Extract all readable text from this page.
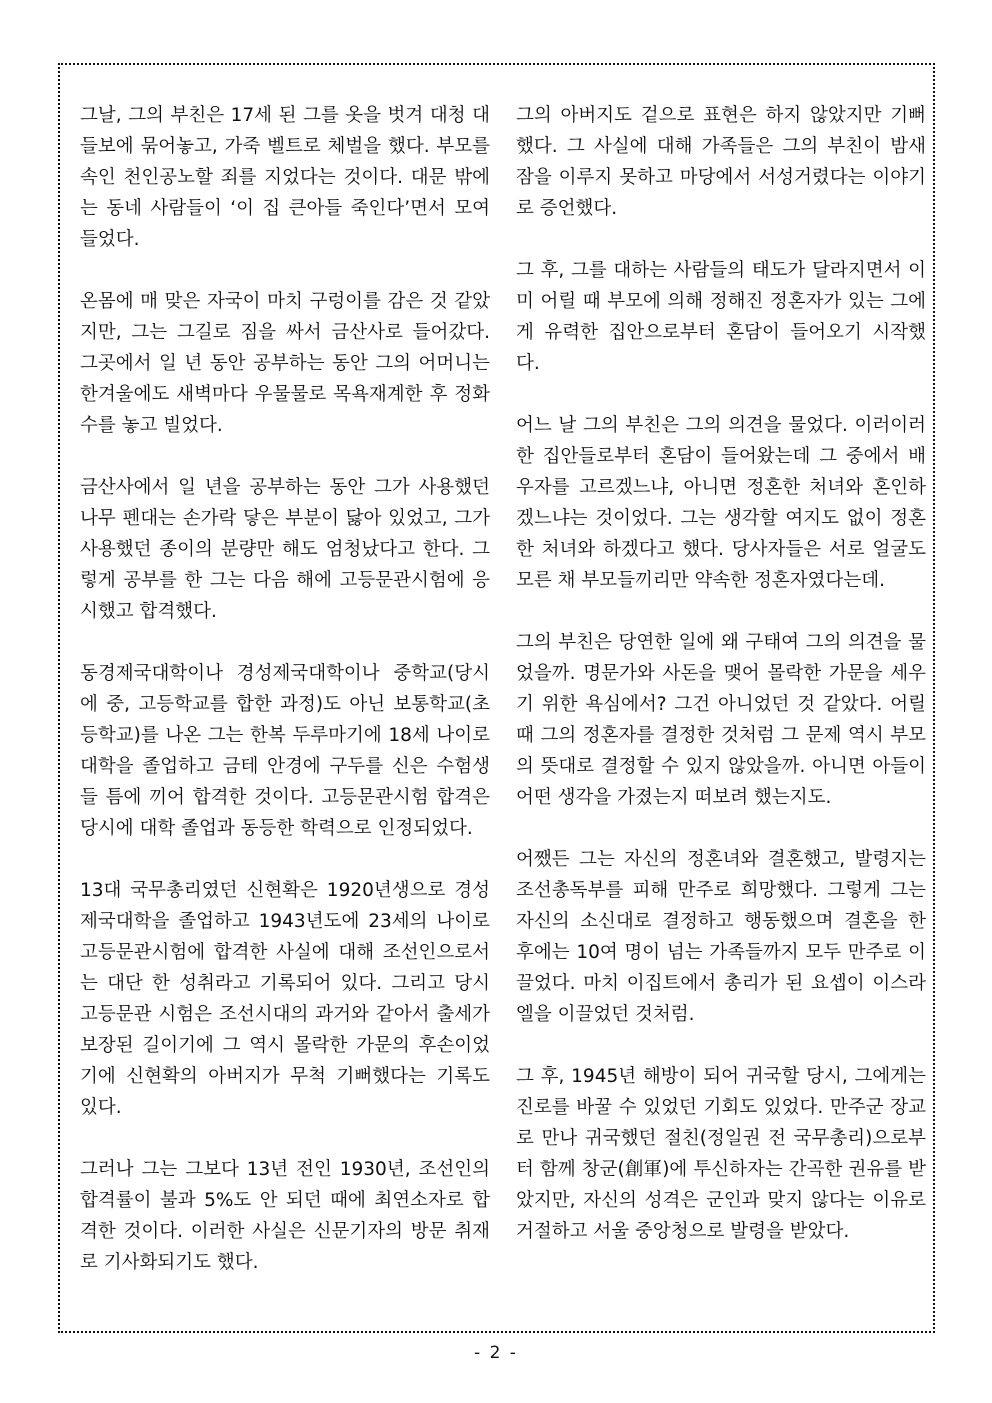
그날, 그의 부친은 17세 된 그를 옷을 벗겨 대청 대들보에 묶어놓고, 가죽 벨트로 체벌을 했다. 부모를 속인 천인공노할 죄를 지었다는 것이다. 대문 밖에는 동네 사람들이 ‘이 집 큰아들 죽인다’면서 모여들었다.

온몸에 매 맞은 자국이 마치 구렁이를 감은 것 같았지만, 그는 그길로 짐을 싸서 금산사로 들어갔다. 그곳에서 일 년 동안 공부하는 동안 그의 어머니는 한겨울에도 새벽마다 우물물로 목욕재계한 후 정화수를 놓고 빌었다.

금산사에서 일 년을 공부하는 동안 그가 사용했던 나무 펜대는 손가락 닿은 부분이 닳아 있었고, 그가 사용했던 종이의 분량만 해도 엄청났다고 한다. 그렇게 공부를 한 그는 다음 해에 고등문관시험에 응시했고 합격했다.

동경제국대학이나 경성제국대학이나 중학교(당시에 중, 고등학교를 합한 과정)도 아닌 보통학교(초등학교)를 나온 그는 한복 두루마기에 18세 나이로 대학을 졸업하고 금테 안경에 구두를 신은 수험생들 틈에 끼어 합격한 것이다. 고등문관시험 합격은 당시에 대학 졸업과 동등한 학력으로 인정되었다.

13대 국무총리였던 신현확은 1920년생으로 경성제국대학을 졸업하고 1943년도에 23세의 나이로 고등문관시험에 합격한 사실에 대해 조선인으로서는 대단 한 성취라고 기록되어 있다. 그리고 당시 고등문관 시험은 조선시대의 과거와 같아서 출세가 보장된 길이기에 그 역시 몰락한 가문의 후손이었기에 신현확의 아버지가 무척 기뻐했다는 기록도 있다.

그러나 그는 그보다 13년 전인 1930년, 조선인의 합격률이 불과 5%도 안 되던 때에 최연소자로 합격한 것이다. 이러한 사실은 신문기자의 방문 취재로 기사화되기도 했다.

그의 아버지도 겉으로 표현은 하지 않았지만 기뻐했다. 그 사실에 대해 가족들은 그의 부친이 밤새 잠을 이루지 못하고 마당에서 서성거렸다는 이야기로 증언했다.

그 후, 그를 대하는 사람들의 태도가 달라지면서 이미 어릴 때 부모에 의해 정해진 정혼자가 있는 그에게 유력한 집안으로부터 혼담이 들어오기 시작했다.

어느 날 그의 부친은 그의 의견을 물었다. 이러이러한 집안들로부터 혼담이 들어왔는데 그 중에서 배우자를 고르겠느냐, 아니면 정혼한 처녀와 혼인하겠느냐는 것이었다. 그는 생각할 여지도 없이 정혼한 처녀와 하겠다고 했다. 당사자들은 서로 얼굴도 모른 채 부모들끼리만 약속한 정혼자였다는데.

그의 부친은 당연한 일에 왜 구태여 그의 의견을 물었을까. 명문가와 사돈을 맺어 몰락한 가문을 세우기 위한 욕심에서? 그건 아니었던 것 같았다. 어릴 때 그의 정혼자를 결정한 것처럼 그 문제 역시 부모의 뜻대로 결정할 수 있지 않았을까. 아니면 아들이 어떤 생각을 가졌는지 떠보려 했는지도.

어쨌든 그는 자신의 정혼녀와 결혼했고, 발령지는 조선총독부를 피해 만주로 희망했다. 그렇게 그는 자신의 소신대로 결정하고 행동했으며 결혼을 한 후에는 10여 명이 넘는 가족들까지 모두 만주로 이끌었다. 마치 이집트에서 총리가 된 요셉이 이스라엘을 이끌었던 것처럼.

그 후, 1945년 해방이 되어 귀국할 당시, 그에게는 진로를 바꿀 수 있었던 기회도 있었다. 만주군 장교로 만나 귀국했던 절친(정일권 전 국무총리)으로부터 함께 창군(創軍)에 투신하자는 간곡한 권유를 받았지만, 자신의 성격은 군인과 맞지 않다는 이유로 거절하고 서울 중앙청으로 발령을 받았다.

- 2 -
